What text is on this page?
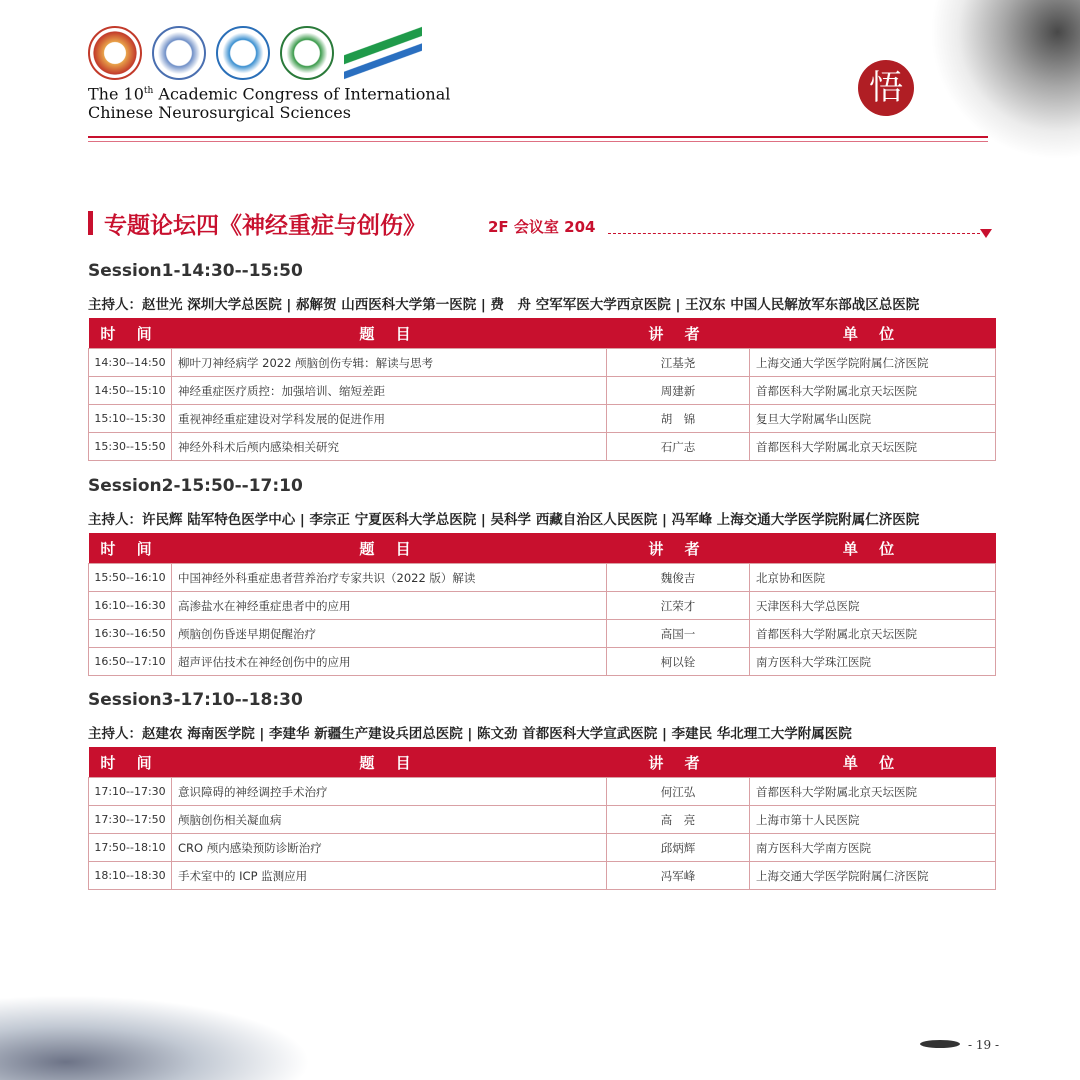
The 10th Academic Congress of International
Chinese Neurosurgical Sciences
悟
专题论坛四《神经重症与创伤》	2F 会议室 204
Session1-14:30--15:50
主持人：赵世光 深圳大学总医院 | 郝解贺 山西医科大学第一医院 | 费　舟 空军军医大学西京医院 | 王汉东 中国人民解放军东部战区总医院
时 间	题 目	讲 者	单 位
14:30--14:50	柳叶刀神经病学 2022 颅脑创伤专辑：解读与思考	江基尧	上海交通大学医学院附属仁济医院
14:50--15:10	神经重症医疗质控：加强培训、缩短差距	周建新	首都医科大学附属北京天坛医院
15:10--15:30	重视神经重症建设对学科发展的促进作用	胡　锦	复旦大学附属华山医院
15:30--15:50	神经外科术后颅内感染相关研究	石广志	首都医科大学附属北京天坛医院
Session2-15:50--17:10
主持人：许民辉 陆军特色医学中心 | 李宗正 宁夏医科大学总医院 | 吴科学 西藏自治区人民医院 | 冯军峰 上海交通大学医学院附属仁济医院
时 间	题 目	讲 者	单 位
15:50--16:10	中国神经外科重症患者营养治疗专家共识（2022 版）解读	魏俊吉	北京协和医院
16:10--16:30	高渗盐水在神经重症患者中的应用	江荣才	天津医科大学总医院
16:30--16:50	颅脑创伤昏迷早期促醒治疗	高国一	首都医科大学附属北京天坛医院
16:50--17:10	超声评估技术在神经创伤中的应用	柯以铨	南方医科大学珠江医院
Session3-17:10--18:30
主持人：赵建农 海南医学院 | 李建华 新疆生产建设兵团总医院 | 陈文劲 首都医科大学宣武医院 | 李建民 华北理工大学附属医院
时 间	题 目	讲 者	单 位
17:10--17:30	意识障碍的神经调控手术治疗	何江弘	首都医科大学附属北京天坛医院
17:30--17:50	颅脑创伤相关凝血病	高　亮	上海市第十人民医院
17:50--18:10	CRO 颅内感染预防诊断治疗	邱炳辉	南方医科大学南方医院
18:10--18:30	手术室中的 ICP 监测应用	冯军峰	上海交通大学医学院附属仁济医院
- 19 -
